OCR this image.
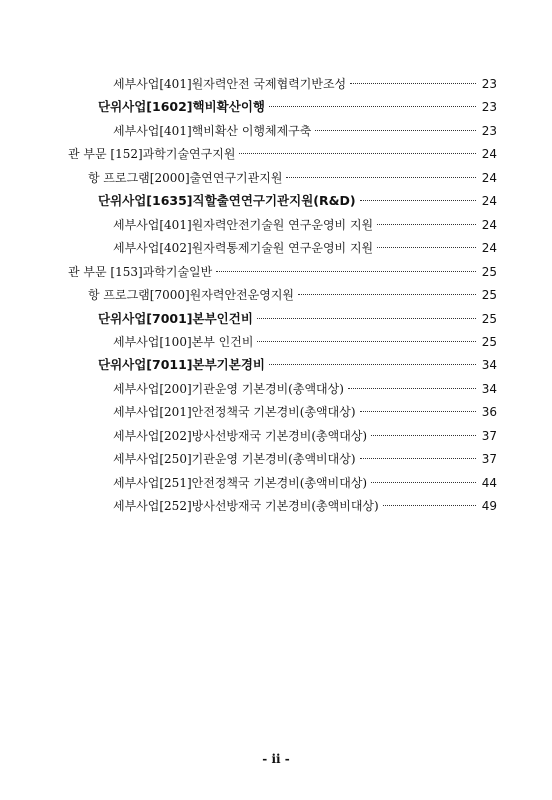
세부사업[401]원자력안전 국제협력기반조성	23
단위사업[1602]핵비확산이행	23
세부사업[401]핵비확산 이행체제구축	23
관 부문 [152]과학기술연구지원	24
항 프로그램[2000]출연연구기관지원	24
단위사업[1635]직할출연연구기관지원(R&D)	24
세부사업[401]원자력안전기술원 연구운영비 지원	24
세부사업[402]원자력통제기술원 연구운영비 지원	24
관 부문 [153]과학기술일반	25
항 프로그램[7000]원자력안전운영지원	25
단위사업[7001]본부인건비	25
세부사업[100]본부 인건비	25
단위사업[7011]본부기본경비	34
세부사업[200]기관운영 기본경비(총액대상)	34
세부사업[201]안전정책국 기본경비(총액대상)	36
세부사업[202]방사선방재국 기본경비(총액대상)	37
세부사업[250]기관운영 기본경비(총액비대상)	37
세부사업[251]안전정책국 기본경비(총액비대상)	44
세부사업[252]방사선방재국 기본경비(총액비대상)	49
- ii -
